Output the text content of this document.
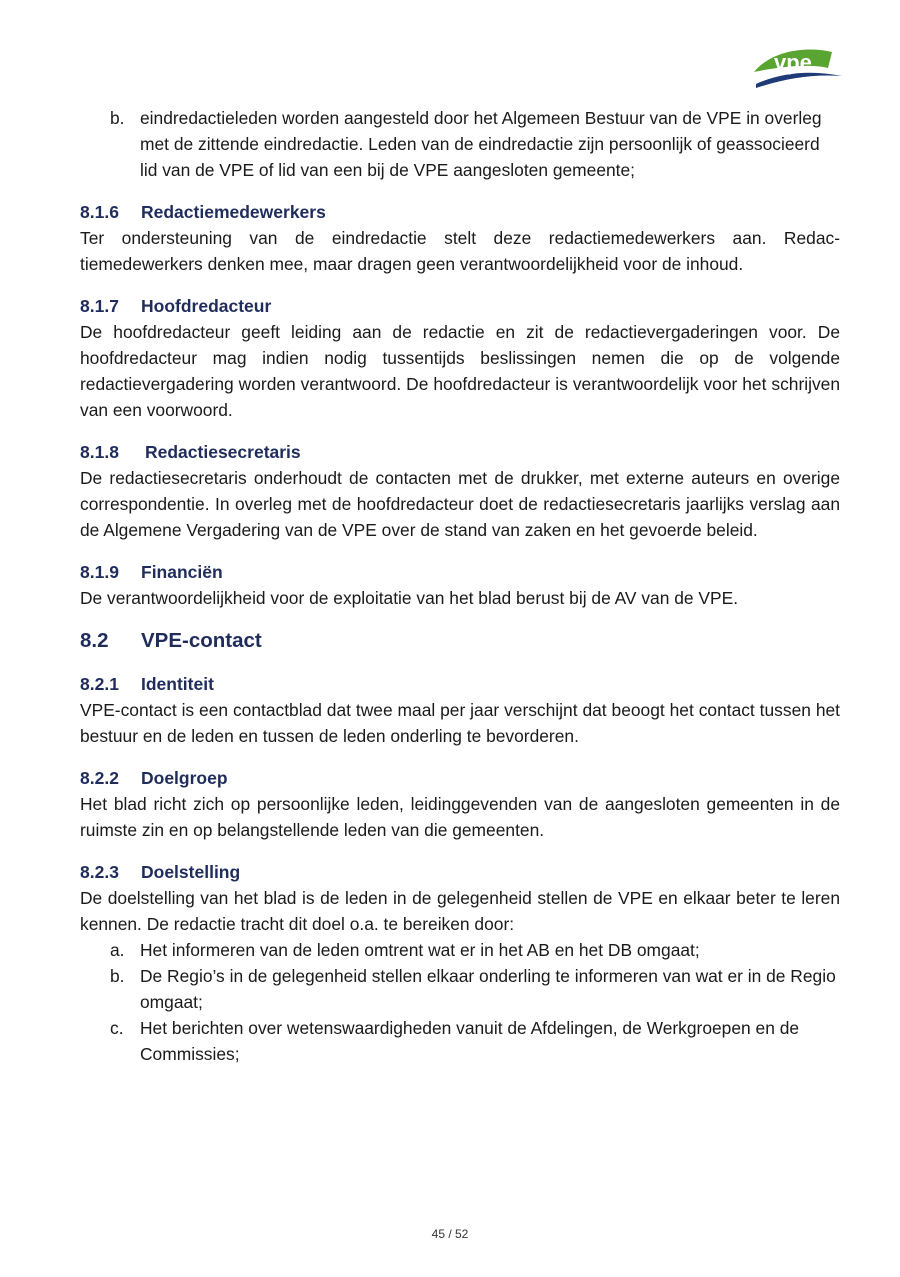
vpe
b. eindredactieleden worden aangesteld door het Algemeen Bestuur van de VPE in overleg met de zittende eindredactie. Leden van de eindredactie zijn persoonlijk of geassocieerd lid van de VPE of lid van een bij de VPE aangesloten gemeente;
8.1.6 Redactiemedewerkers

Ter ondersteuning van de eindredactie stelt deze redactiemedewerkers aan. Redactiemedewerkers denken mee, maar dragen geen verantwoordelijkheid voor de inhoud.

8.1.7 Hoofdredacteur

De hoofdredacteur geeft leiding aan de redactie en zit de redactievergaderingen voor. De hoofdredacteur mag indien nodig tussentijds beslissingen nemen die op de volgende redactievergadering worden verantwoord. De hoofdredacteur is verantwoordelijk voor het schrijven van een voorwoord.

8.1.8 Redactiesecretaris

De redactiesecretaris onderhoudt de contacten met de drukker, met externe auteurs en overige correspondentie. In overleg met de hoofdredacteur doet de redactiesecretaris jaarlijks verslag aan de Algemene Vergadering van de VPE over de stand van zaken en het gevoerde beleid.

8.1.9 Financiën

De verantwoordelijkheid voor de exploitatie van het blad berust bij de AV van de VPE.

8.2 VPE-contact
8.2.1 Identiteit

VPE-contact is een contactblad dat twee maal per jaar verschijnt dat beoogt het contact tussen het bestuur en de leden en tussen de leden onderling te bevorderen.

8.2.2 Doelgroep

Het blad richt zich op persoonlijke leden, leidinggevenden van de aangesloten gemeenten in de ruimste zin en op belangstellende leden van die gemeenten.

8.2.3 Doelstelling

De doelstelling van het blad is de leden in de gelegenheid stellen de VPE en elkaar beter te leren kennen. De redactie tracht dit doel o.a. te bereiken door:

a. Het informeren van de leden omtrent wat er in het AB en het DB omgaat;
b. De Regio’s in de gelegenheid stellen elkaar onderling te informeren van wat er in de Regio omgaat;
c. Het berichten over wetenswaardigheden vanuit de Afdelingen, de Werkgroepen en de Commissies;
45 / 52
